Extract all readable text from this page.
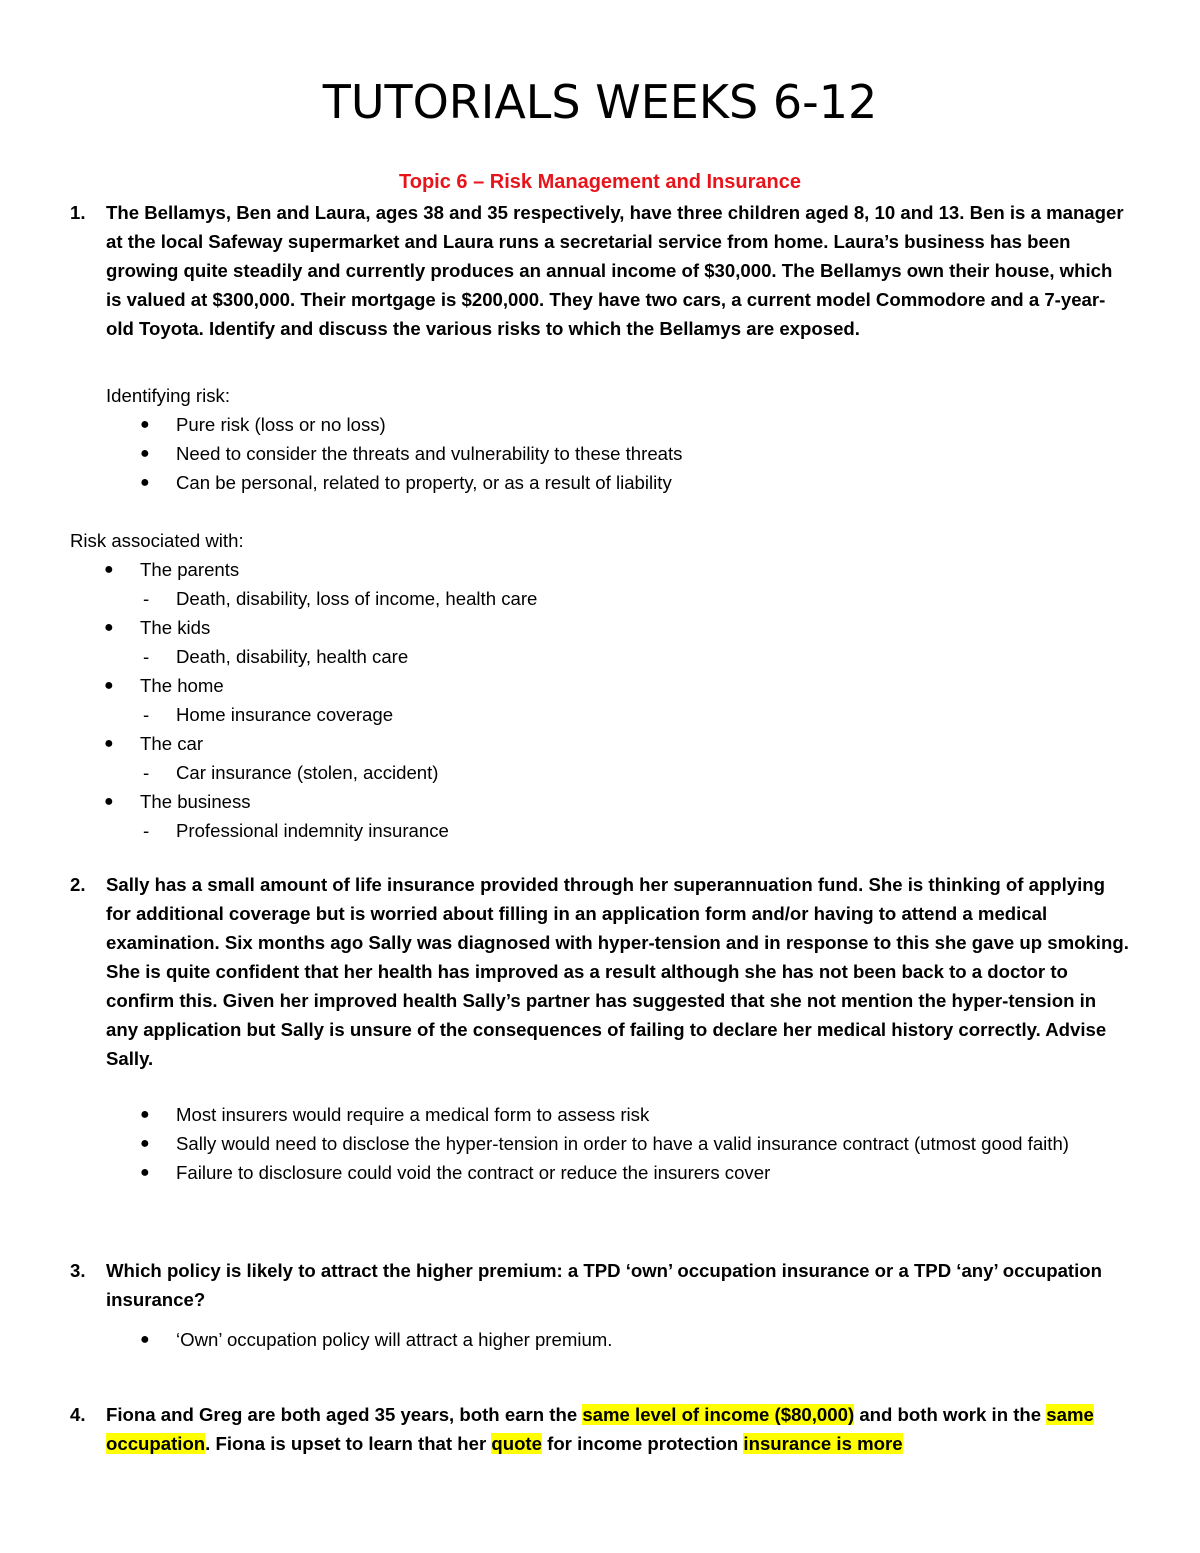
TUTORIALS WEEKS 6-12
Topic 6 – Risk Management and Insurance
1. The Bellamys, Ben and Laura, ages 38 and 35 respectively, have three children aged 8, 10 and 13. Ben is a manager at the local Safeway supermarket and Laura runs a secretarial service from home. Laura’s business has been growing quite steadily and currently produces an annual income of $30,000. The Bellamys own their house, which is valued at $300,000. Their mortgage is $200,000. They have two cars, a current model Commodore and a 7-year-old Toyota. Identify and discuss the various risks to which the Bellamys are exposed.
Identifying risk:
●	Pure risk (loss or no loss)
●	Need to consider the threats and vulnerability to these threats
●	Can be personal, related to property, or as a result of liability
Risk associated with:
● The parents
- Death, disability, loss of income, health care
● The kids
- Death, disability, health care
● The home
- Home insurance coverage
● The car
- Car insurance (stolen, accident)
● The business
- Professional indemnity insurance
2. Sally has a small amount of life insurance provided through her superannuation fund. She is thinking of applying for additional coverage but is worried about filling in an application form and/or having to attend a medical examination. Six months ago Sally was diagnosed with hyper-tension and in response to this she gave up smoking. She is quite confident that her health has improved as a result although she has not been back to a doctor to confirm this. Given her improved health Sally’s partner has suggested that she not mention the hyper-tension in any application but Sally is unsure of the consequences of failing to declare her medical history correctly. Advise Sally.
●	Most insurers would require a medical form to assess risk
●	Sally would need to disclose the hyper-tension in order to have a valid insurance contract (utmost good faith)
●	Failure to disclosure could void the contract or reduce the insurers cover
3. Which policy is likely to attract the higher premium: a TPD ‘own’ occupation insurance or a TPD ‘any’ occupation insurance?
●	‘Own’ occupation policy will attract a higher premium.
4. Fiona and Greg are both aged 35 years, both earn the same level of income ($80,000) and both work in the same occupation. Fiona is upset to learn that her quote for income protection insurance is more
